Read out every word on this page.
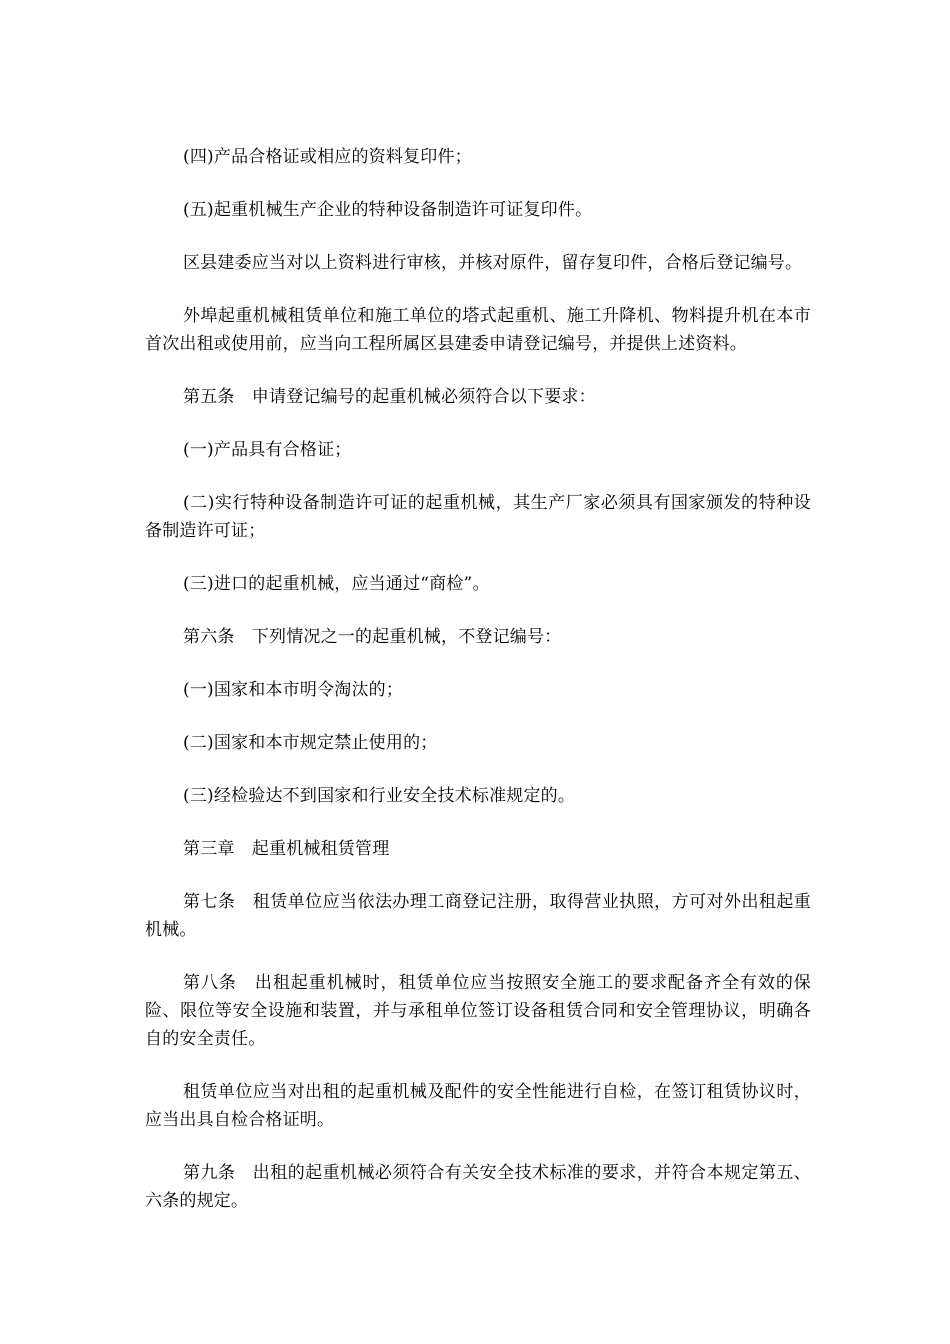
(四)产品合格证或相应的资料复印件；

(五)起重机械生产企业的特种设备制造许可证复印件。

区县建委应当对以上资料进行审核，并核对原件，留存复印件，合格后登记编号。

外埠起重机械租赁单位和施工单位的塔式起重机、施工升降机、物料提升机在本市首次出租或使用前，应当向工程所属区县建委申请登记编号，并提供上述资料。

第五条　申请登记编号的起重机械必须符合以下要求：

(一)产品具有合格证；

(二)实行特种设备制造许可证的起重机械，其生产厂家必须具有国家颁发的特种设备制造许可证；

(三)进口的起重机械，应当通过“商检”。

第六条　下列情况之一的起重机械，不登记编号：

(一)国家和本市明令淘汰的；

(二)国家和本市规定禁止使用的；

(三)经检验达不到国家和行业安全技术标准规定的。

第三章　起重机械租赁管理

第七条　租赁单位应当依法办理工商登记注册，取得营业执照，方可对外出租起重机械。

第八条　出租起重机械时，租赁单位应当按照安全施工的要求配备齐全有效的保险、限位等安全设施和装置，并与承租单位签订设备租赁合同和安全管理协议，明确各自的安全责任。

租赁单位应当对出租的起重机械及配件的安全性能进行自检，在签订租赁协议时，应当出具自检合格证明。

第九条　出租的起重机械必须符合有关安全技术标准的要求，并符合本规定第五、六条的规定。
